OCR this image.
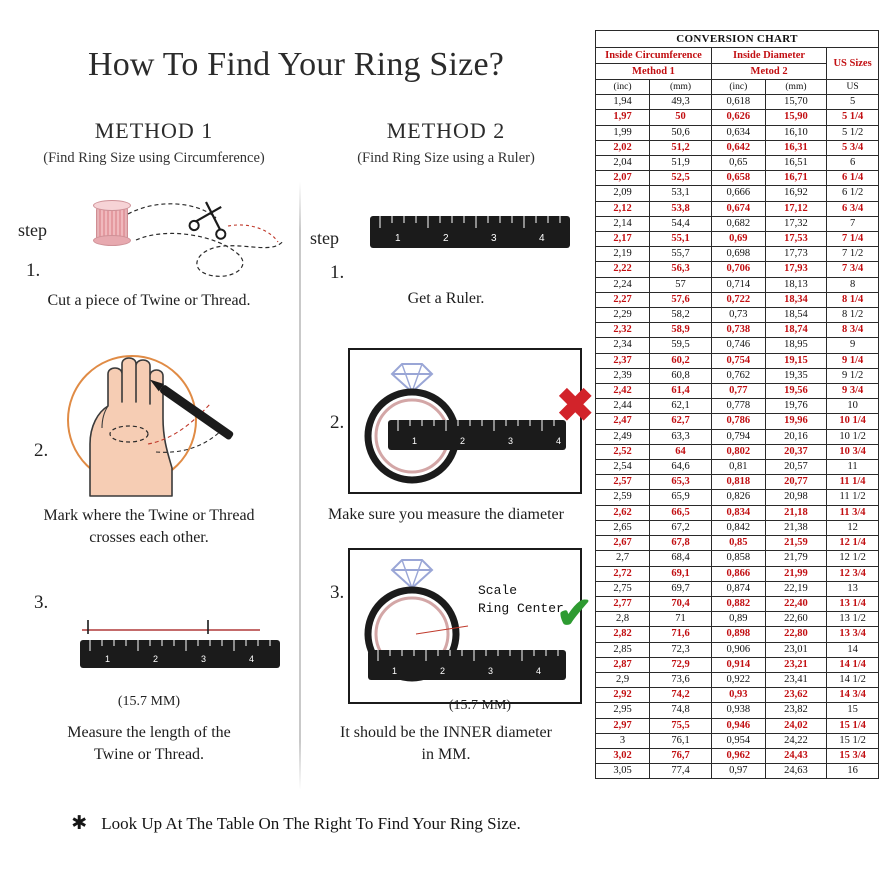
How To Find Your Ring Size?
METHOD 1
(Find Ring Size using Circumference)
step
1.
2.
3.
Cut a piece of Twine or Thread.
Mark where the Twine or Thread
crosses each other.
1	2	3	4
(15.7 MM)
Measure the length of the
Twine or Thread.
METHOD 2
(Find Ring Size using a Ruler)
step
1.
2.
3.
1	2	3	4
Get a Ruler.
1	2	3	4
✖
Make sure you measure the diameter
1	2	3	4
Scale
Ring Center
✔
(15.7 MM)
It should be the INNER diameter
in MM.
✱ Look Up At The Table On The Right To Find Your Ring Size.
CONVERSION CHART				

Inside Circumference		Inside Diameter		US Sizes
Method 1		Metod 2		
(inc)	(mm)	(inc)	(mm)	US
1,94	49,3	0,618	15,70	5
1,97	50	0,626	15,90	5 1/4
1,99	50,6	0,634	16,10	5 1/2
2,02	51,2	0,642	16,31	5 3/4
2,04	51,9	0,65	16,51	6
2,07	52,5	0,658	16,71	6 1/4
2,09	53,1	0,666	16,92	6 1/2
2,12	53,8	0,674	17,12	6 3/4
2,14	54,4	0,682	17,32	7
2,17	55,1	0,69	17,53	7 1/4
2,19	55,7	0,698	17,73	7 1/2
2,22	56,3	0,706	17,93	7 3/4
2,24	57	0,714	18,13	8
2,27	57,6	0,722	18,34	8 1/4
2,29	58,2	0,73	18,54	8 1/2
2,32	58,9	0,738	18,74	8 3/4
2,34	59,5	0,746	18,95	9
2,37	60,2	0,754	19,15	9 1/4
2,39	60,8	0,762	19,35	9 1/2
2,42	61,4	0,77	19,56	9 3/4
2,44	62,1	0,778	19,76	10
2,47	62,7	0,786	19,96	10 1/4
2,49	63,3	0,794	20,16	10 1/2
2,52	64	0,802	20,37	10 3/4
2,54	64,6	0,81	20,57	11
2,57	65,3	0,818	20,77	11 1/4
2,59	65,9	0,826	20,98	11 1/2
2,62	66,5	0,834	21,18	11 3/4
2,65	67,2	0,842	21,38	12
2,67	67,8	0,85	21,59	12 1/4
2,7	68,4	0,858	21,79	12 1/2
2,72	69,1	0,866	21,99	12 3/4
2,75	69,7	0,874	22,19	13
2,77	70,4	0,882	22,40	13 1/4
2,8	71	0,89	22,60	13 1/2
2,82	71,6	0,898	22,80	13 3/4
2,85	72,3	0,906	23,01	14
2,87	72,9	0,914	23,21	14 1/4
2,9	73,6	0,922	23,41	14 1/2
2,92	74,2	0,93	23,62	14 3/4
2,95	74,8	0,938	23,82	15
2,97	75,5	0,946	24,02	15 1/4
3	76,1	0,954	24,22	15 1/2
3,02	76,7	0,962	24,43	15 3/4
3,05	77,4	0,97	24,63	16
